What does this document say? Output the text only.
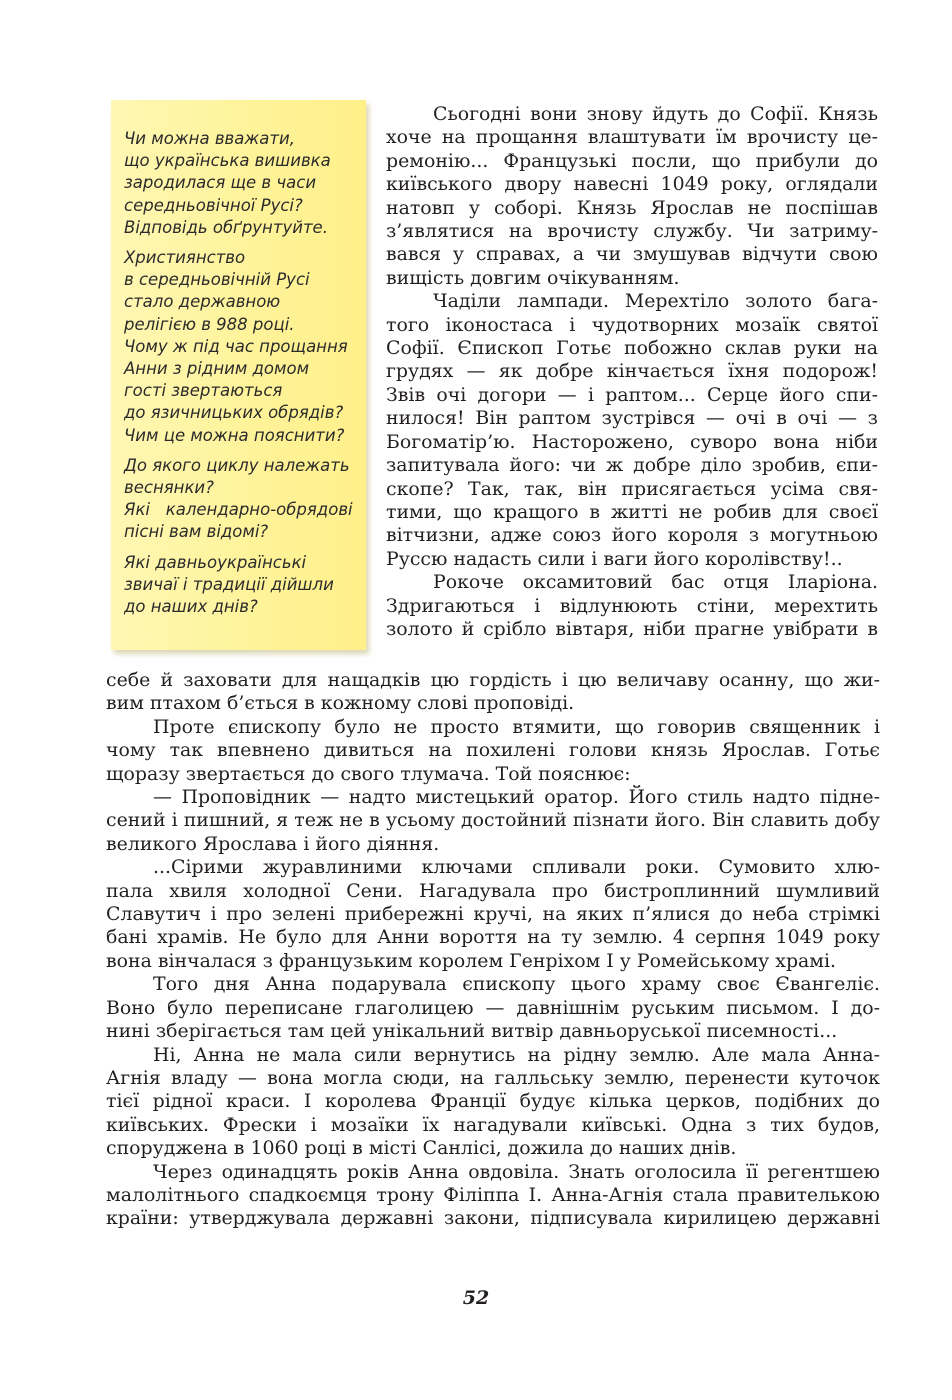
Чи можна вважати,
що українська вишивка
зародилася ще в часи
середньовічної Русі?
Відповідь обґрунтуйте.
Християнство
в середньовічній Русі
стало державною
релігією в 988 році.
Чому ж під час прощання
Анни з рідним домом
гості звертаються
до язичницьких обрядів?
Чим це можна пояснити?
До якого циклу належать
веснянки?
Які   календарно-обрядові
пісні вам відомі?
Які давньоукраїнські
звичаї і традиції дійшли
до наших днів?
Сьогодні вони знову йдуть до Софії. Князь
хоче на прощання влаштувати їм врочисту це-
ремонію... Французькі посли, що прибули до
київського двору навесні 1049 року, оглядали
натовп у соборі. Князь Ярослав не поспішав
з’являтися на врочисту службу. Чи затриму-
вався у справах, а чи змушував відчути свою
вищість довгим очікуванням.
Чаділи лампади. Мерехтіло золото бага-
того іконостаса і чудотворних мозаїк святої
Софії. Єпископ Готьє побожно склав руки на
грудях — як добре кінчається їхня подорож!
Звів очі догори — і раптом... Серце його спи-
нилося! Він раптом зустрівся — очі в очі — з
Богоматір’ю. Насторожено, суворо вона ніби
запитувала його: чи ж добре діло зробив, єпи-
скопе? Так, так, він присягається усіма свя-
тими, що кращого в житті не робив для своєї
вітчизни, адже союз його короля з могутньою
Руссю надасть сили і ваги його королівству!..
Рокоче оксамитовий бас отця Іларіона.
Здригаються і відлунюють стіни, мерехтить
золото й срібло вівтаря, ніби прагне увібрати в
себе й заховати для нащадків цю гордість і цю величаву осанну, що жи-
вим птахом б’ється в кожному слові проповіді.
Проте єпископу було не просто втямити, що говорив священник і
чому так впевнено дивиться на похилені голови князь Ярослав. Готьє
щоразу звертається до свого тлумача. Той пояснює:
— Проповідник — надто мистецький оратор. Його стиль надто підне-
сений і пишний, я теж не в усьому достойний пізнати його. Він славить добу
великого Ярослава і його діяння.
...Сірими журавлиними ключами спливали роки. Сумовито хлю-
пала хвиля холодної Сени. Нагадувала про бистроплинний шумливий
Славутич і про зелені прибережні кручі, на яких п’ялися до неба стрімкі
бані храмів. Не було для Анни вороття на ту землю. 4 серпня 1049 року
вона вінчалася з французьким королем Генріхом І у Ромейському храмі.
Того дня Анна подарувала єпископу цього храму своє Євангеліє.
Воно було переписане глаголицею — давнішнім руським письмом. І до-
нині зберігається там цей унікальний витвір давньоруської писемності...
Ні, Анна не мала сили вернутись на рідну землю. Але мала Анна-
Агнія владу — вона могла сюди, на галльську землю, перенести куточок
тієї рідної краси. І королева Франції будує кілька церков, подібних до
київських. Фрески і мозаїки їх нагадували київські. Одна з тих будов,
споруджена в 1060 році в місті Санлісі, дожила до наших днів.
Через одинадцять років Анна овдовіла. Знать оголосила її регентшею
малолітнього спадкоємця трону Філіппа І. Анна-Агнія стала правителькою
країни: утверджувала державні закони, підписувала кирилицею державні
52
